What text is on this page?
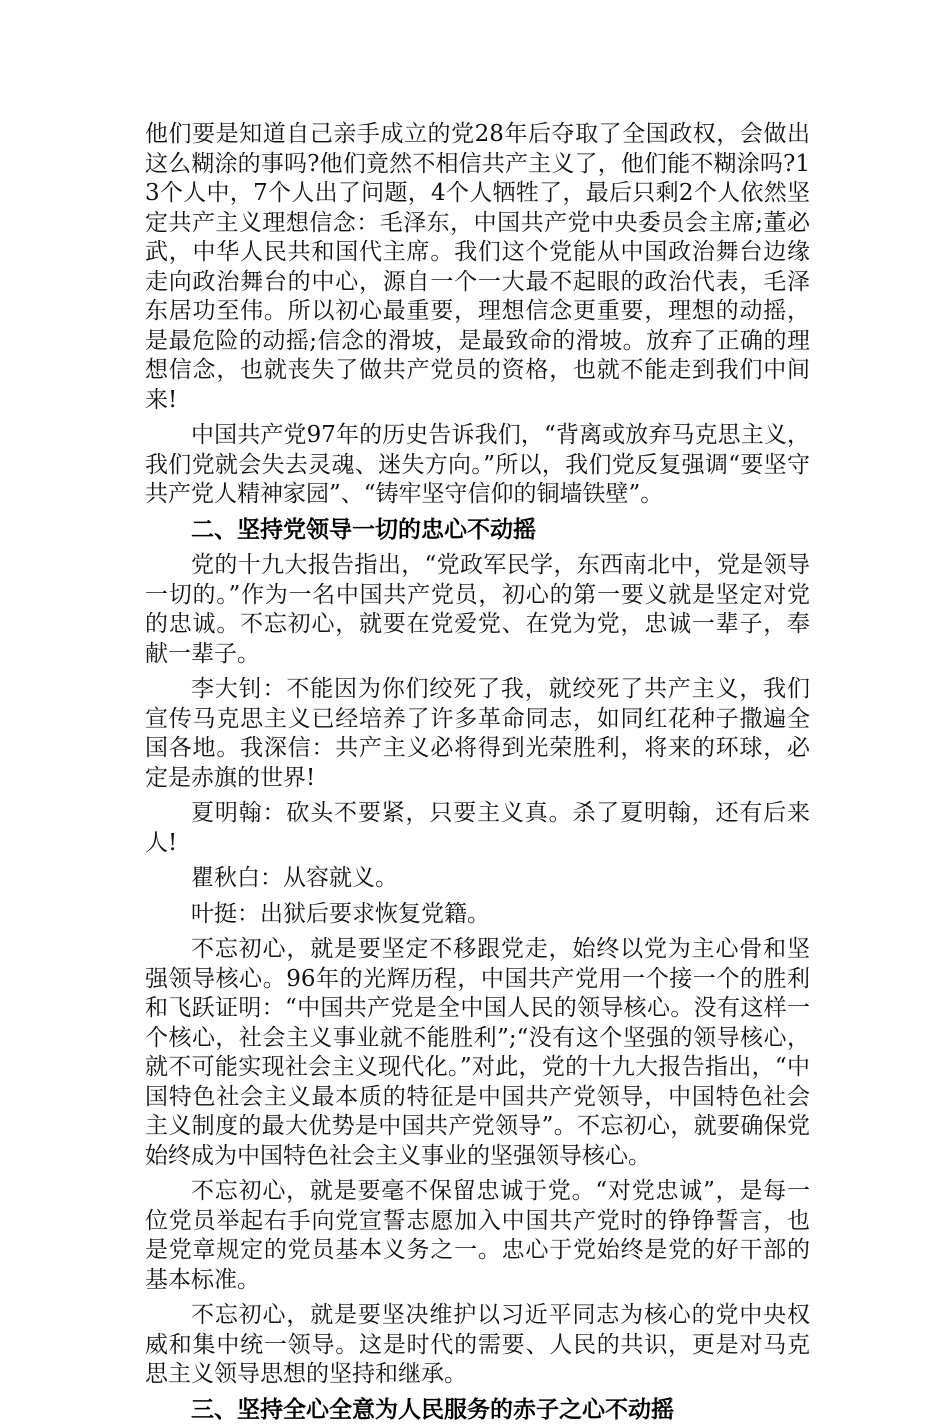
他们要是知道自己亲手成立的党28年后夺取了全国政权，会做出这么糊涂的事吗?他们竟然不相信共产主义了，他们能不糊涂吗?13个人中，7个人出了问题，4个人牺牲了，最后只剩2个人依然坚定共产主义理想信念：毛泽东，中国共产党中央委员会主席;董必武，中华人民共和国代主席。我们这个党能从中国政治舞台边缘走向政治舞台的中心，源自一个一大最不起眼的政治代表，毛泽东居功至伟。所以初心最重要，理想信念更重要，理想的动摇，是最危险的动摇;信念的滑坡，是最致命的滑坡。放弃了正确的理想信念，也就丧失了做共产党员的资格，也就不能走到我们中间来!

中国共产党97年的历史告诉我们，“背离或放弃马克思主义，我们党就会失去灵魂、迷失方向。”所以，我们党反复强调“要坚守共产党人精神家园”、“铸牢坚守信仰的铜墙铁壁”。

二、坚持党领导一切的忠心不动摇

党的十九大报告指出，“党政军民学，东西南北中，党是领导一切的。”作为一名中国共产党员，初心的第一要义就是坚定对党的忠诚。不忘初心，就要在党爱党、在党为党，忠诚一辈子，奉献一辈子。

李大钊：不能因为你们绞死了我，就绞死了共产主义，我们宣传马克思主义已经培养了许多革命同志，如同红花种子撒遍全国各地。我深信：共产主义必将得到光荣胜利，将来的环球，必定是赤旗的世界!

夏明翰：砍头不要紧，只要主义真。杀了夏明翰，还有后来人!

瞿秋白：从容就义。

叶挺：出狱后要求恢复党籍。

不忘初心，就是要坚定不移跟党走，始终以党为主心骨和坚强领导核心。96年的光辉历程，中国共产党用一个接一个的胜利和飞跃证明：“中国共产党是全中国人民的领导核心。没有这样一个核心，社会主义事业就不能胜利”;“没有这个坚强的领导核心，就不可能实现社会主义现代化。”对此，党的十九大报告指出，“中国特色社会主义最本质的特征是中国共产党领导，中国特色社会主义制度的最大优势是中国共产党领导”。不忘初心，就要确保党始终成为中国特色社会主义事业的坚强领导核心。

不忘初心，就是要毫不保留忠诚于党。“对党忠诚”，是每一位党员举起右手向党宣誓志愿加入中国共产党时的铮铮誓言，也是党章规定的党员基本义务之一。忠心于党始终是党的好干部的基本标准。

不忘初心，就是要坚决维护以习近平同志为核心的党中央权威和集中统一领导。这是时代的需要、人民的共识，更是对马克思主义领导思想的坚持和继承。

三、坚持全心全意为人民服务的赤子之心不动摇
